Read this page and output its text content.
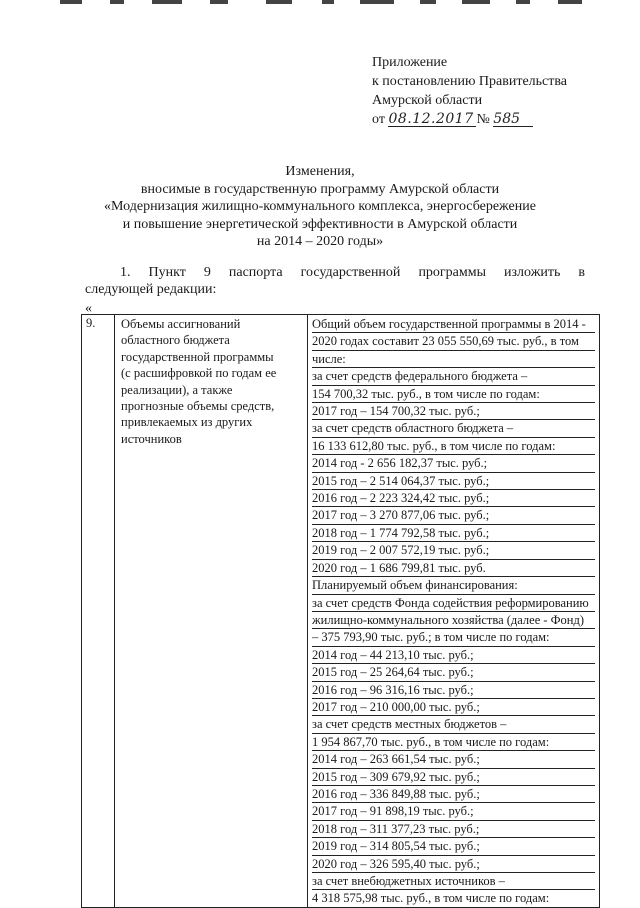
Приложение
к постановлению Правительства
Амурской области
от 08.12.2017 № 585
Изменения,
вносимые в государственную программу Амурской области
«Модернизация жилищно-коммунального комплекса, энергосбережение
и повышение энергетической эффективности в Амурской области
на 2014 – 2020 годы»
1. Пункт 9 паспорта государственной программы изложить в
следующей редакции:
«
9.	Объемы ассигнований
областного бюджета
государственной программы
(с расшифровкой по годам ее
реализации), а также
прогнозные объемы средств,
привлекаемых из других
источников

Общий объем государственной программы в 2014 -
2020 годах составит 23 055 550,69 тыс. руб., в том
числе:
за счет средств федерального бюджета –
154 700,32 тыс. руб., в том числе по годам:
2017 год – 154 700,32 тыс. руб.;
за счет средств областного бюджета –
16 133 612,80 тыс. руб., в том числе по годам:
2014 год - 2 656 182,37 тыс. руб.;
2015 год – 2 514 064,37 тыс. руб.;
2016 год – 2 223 324,42 тыс. руб.;
2017 год – 3 270 877,06 тыс. руб.;
2018 год – 1 774 792,58 тыс. руб.;
2019 год – 2 007 572,19 тыс. руб.;
2020 год – 1 686 799,81 тыс. руб.
Планируемый объем финансирования:
за счет средств Фонда содействия реформированию
жилищно-коммунального хозяйства (далее - Фонд)
– 375 793,90 тыс. руб.; в том числе по годам:
2014 год – 44 213,10 тыс. руб.;
2015 год – 25 264,64 тыс. руб.;
2016 год – 96 316,16 тыс. руб.;
2017 год – 210 000,00 тыс. руб.;
за счет средств местных бюджетов –
1 954 867,70 тыс. руб., в том числе по годам:
2014 год – 263 661,54 тыс. руб.;
2015 год – 309 679,92 тыс. руб.;
2016 год – 336 849,88 тыс. руб.;
2017 год – 91 898,19 тыс. руб.;
2018 год – 311 377,23 тыс. руб.;
2019 год – 314 805,54 тыс. руб.;
2020 год – 326 595,40 тыс. руб.;
за счет внебюджетных источников –
4 318 575,98 тыс. руб., в том числе по годам:
